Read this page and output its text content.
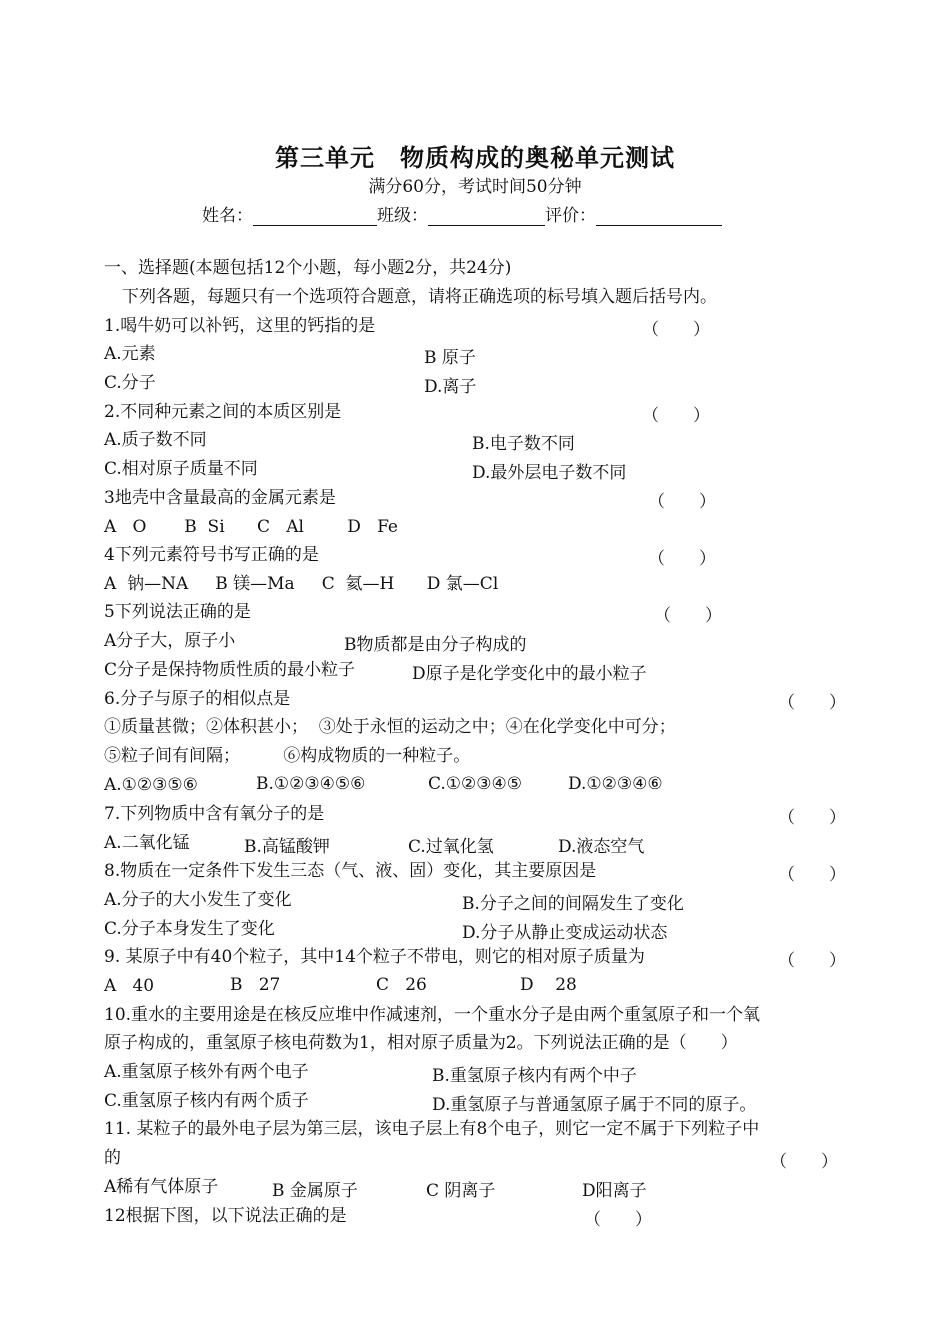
第三单元　物质构成的奥秘单元测试
满分60分，考试时间50分钟
姓名：	班级：	评价：
一、选择题(本题包括12个小题，每小题2分，共24分)
下列各题，每题只有一个选项符合题意，请将正确选项的标号填入题后括号内。
1.喝牛奶可以补钙，这里的钙指的是	（　　）
A.元素	B 原子
C.分子	D.离子
2.不同种元素之间的本质区别是	（　　）
A.质子数不同	B.电子数不同
C.相对原子质量不同	D.最外层电子数不同
3地壳中含量最高的金属元素是	（　　）
A   O       B  Si      C   Al        D   Fe
4下列元素符号书写正确的是	（　　）
A  钠—NA     B 镁—Ma     C  氦—H      D 氯—Cl
5下列说法正确的是	（　　）
A分子大，原子小	B物质都是由分子构成的
C分子是保持物质性质的最小粒子	D原子是化学变化中的最小粒子
6.分子与原子的相似点是	（　　）
①质量甚微；②体积甚小；  ③处于永恒的运动之中；④在化学变化中可分；
⑤粒子间有间隔；        ⑥构成物质的一种粒子。
A.①②③⑤⑥	B.①②③④⑤⑥	C.①②③④⑤	D.①②③④⑥
7.下列物质中含有氧分子的是	（　　）
A.二氧化锰	B.高锰酸钾	C.过氧化氢	D.液态空气
8.物质在一定条件下发生三态（气、液、固）变化，其主要原因是	（　　）
A.分子的大小发生了变化	B.分子之间的间隔发生了变化
C.分子本身发生了变化	D.分子从静止变成运动状态
9. 某原子中有40个粒子，其中14个粒子不带电，则它的相对原子质量为	（　　）
A   40	B   27	C   26	D    28
10.重水的主要用途是在核反应堆中作减速剂，一个重水分子是由两个重氢原子和一个氧
原子构成的，重氢原子核电荷数为1，相对原子质量为2。下列说法正确的是（　　）
A.重氢原子核外有两个电子	B.重氢原子核内有两个中子
C.重氢原子核内有两个质子	D.重氢原子与普通氢原子属于不同的原子。
11. 某粒子的最外电子层为第三层，该电子层上有8个电子，则它一定不属于下列粒子中
的	（　　）
A稀有气体原子	B 金属原子	C 阴离子	D阳离子
12根据下图，以下说法正确的是	（　　）
